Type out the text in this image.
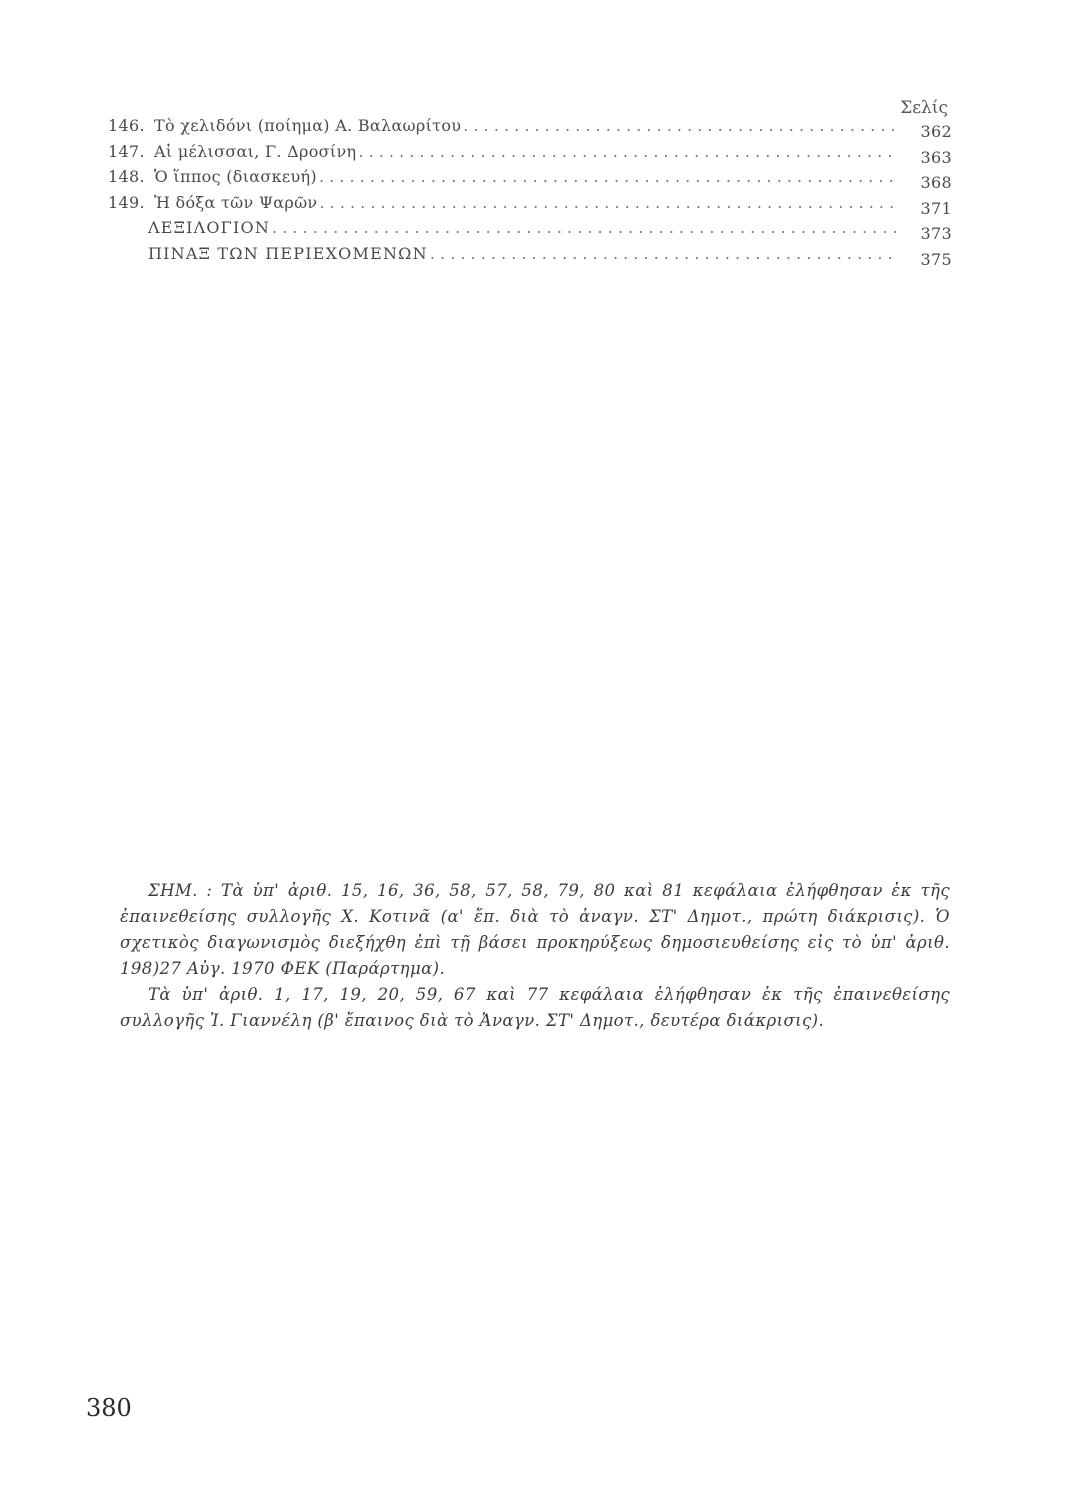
Σελίς
146. Τὸ χελιδόνι (ποίημα) Α. Βαλαωρίτου . . .	362
147. Αἱ μέλισσαι, Γ. Δροσίνη . . .	363
148. Ὁ ἵππος (διασκευή) . . .	368
149. Ἡ δόξα τῶν Ψαρῶν . . .	371
ΛΕΞΙΛΟΓΙΟΝ . . .	373
ΠΙΝΑΞ ΤΩΝ ΠΕΡΙΕΧΟΜΕΝΩΝ . . .	375

ΣΗΜ. : Τὰ ὑπ' ἀριθ. 15, 16, 36, 58, 57, 58, 79, 80 καὶ 81 κεφάλαια ἐλήφθησαν ἐκ τῆς ἐπαινεθείσης συλλογῆς Χ. Κοτινᾶ (α' ἔπ. διὰ τὸ ἀναγν. ΣΤ' Δημοτ., πρώτη διάκρισις). Ὁ σχετικὸς διαγωνισμὸς διεξήχθη ἐπὶ τῇ βάσει προκηρύξεως δημοσιευθείσης εἰς τὸ ὑπ' ἀριθ. 198)27 Αὐγ. 1970 ΦΕΚ (Παράρτημα).

Τὰ ὑπ' ἀριθ. 1, 17, 19, 20, 59, 67 καὶ 77 κεφάλαια ἐλήφθησαν ἐκ τῆς ἐπαινεθείσης συλλογῆς Ἰ. Γιαννέλη (β' ἔπαινος διὰ τὸ Ἀναγν. ΣΤ' Δημοτ., δευτέρα διάκρισις).

380
